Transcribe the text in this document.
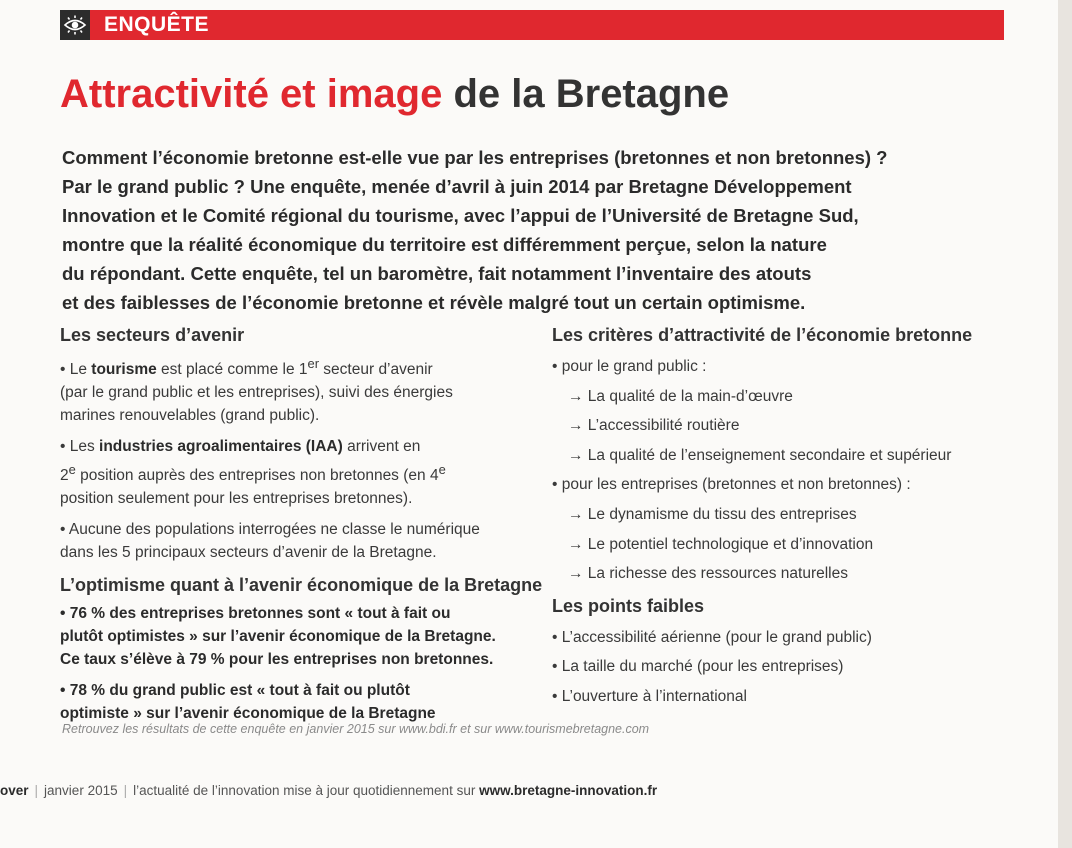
ENQUÊTE
Attractivité et image de la Bretagne

Comment l’économie bretonne est-elle vue par les entreprises (bretonnes et non bretonnes) ?

Par le grand public ? Une enquête, menée d’avril à juin 2014 par Bretagne Développement

Innovation et le Comité régional du tourisme, avec l’appui de l’Université de Bretagne Sud,

montre que la réalité économique du territoire est différemment perçue, selon la nature

du répondant. Cette enquête, tel un baromètre, fait notamment l’inventaire des atouts

et des faiblesses de l’économie bretonne et révèle malgré tout un certain optimisme.

Les secteurs d’avenir
• Le tourisme est placé comme le 1er secteur d’avenir
(par le grand public et les entreprises), suivi des énergies
marines renouvelables (grand public).
• Les industries agroalimentaires (IAA) arrivent en
2e position auprès des entreprises non bretonnes (en 4e
position seulement pour les entreprises bretonnes).
• Aucune des populations interrogées ne classe le numérique
dans les 5 principaux secteurs d’avenir de la Bretagne.
L’optimisme quant à l’avenir économique de la Bretagne
• 76 % des entreprises bretonnes sont « tout à fait ou
plutôt optimistes » sur l’avenir économique de la Bretagne.
Ce taux s’élève à 79 % pour les entreprises non bretonnes.
• 78 % du grand public est « tout à fait ou plutôt
optimiste » sur l’avenir économique de la Bretagne
Les critères d’attractivité de l’économie bretonne
• pour le grand public :
→ La qualité de la main-d’œuvre
→ L’accessibilité routière
→ La qualité de l’enseignement secondaire et supérieur
• pour les entreprises (bretonnes et non bretonnes) :
→ Le dynamisme du tissu des entreprises
→ Le potentiel technologique et d’innovation
→ La richesse des ressources naturelles
Les points faibles
• L’accessibilité aérienne (pour le grand public)
• La taille du marché (pour les entreprises)
• L’ouverture à l’international
Retrouvez les résultats de cette enquête en janvier 2015 sur www.bdi.fr et sur www.tourismebretagne.com
over | janvier 2015 | l’actualité de l’innovation mise à jour quotidiennement sur www.bretagne-innovation.fr
